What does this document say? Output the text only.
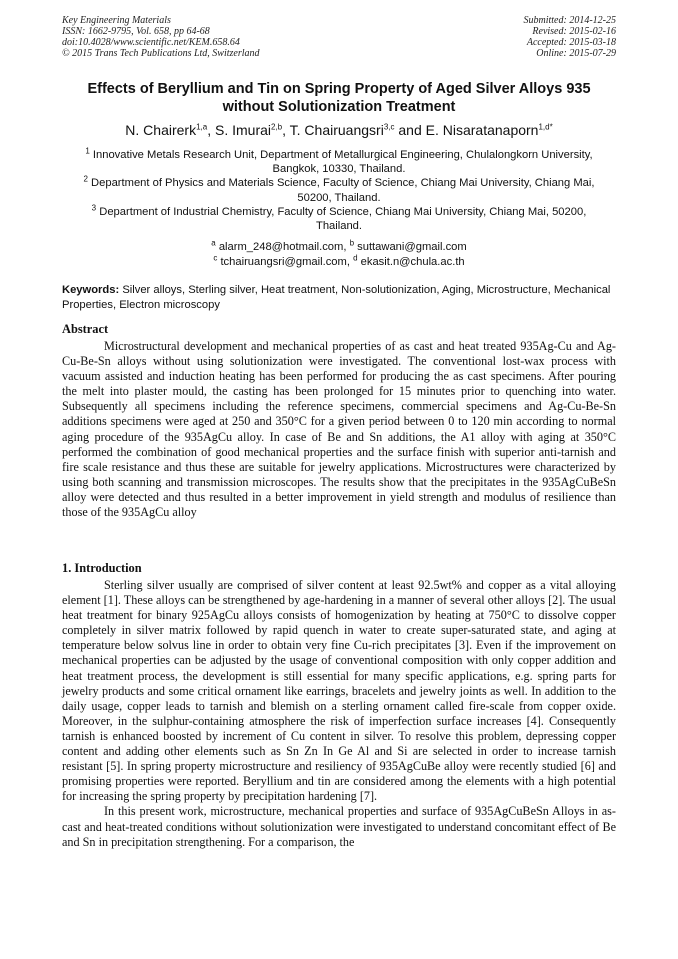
Key Engineering Materials
ISSN: 1662-9795, Vol. 658, pp 64-68
doi:10.4028/www.scientific.net/KEM.658.64
© 2015 Trans Tech Publications Ltd, Switzerland
Submitted: 2014-12-25
Revised: 2015-02-16
Accepted: 2015-03-18
Online: 2015-07-29
Effects of Beryllium and Tin on Spring Property of Aged Silver Alloys 935 without Solutionization Treatment
N. Chairerk$^{1,a}$, S. Imurai$^{2,b}$, T. Chairuangsri$^{3,c}$ and E. Nisaratanaporn$^{1,d*}$
$^1$ Innovative Metals Research Unit, Department of Metallurgical Engineering, Chulalongkorn University, Bangkok, 10330, Thailand.
$^2$ Department of Physics and Materials Science, Faculty of Science, Chiang Mai University, Chiang Mai, 50200, Thailand.
$^3$ Department of Industrial Chemistry, Faculty of Science, Chiang Mai University, Chiang Mai, 50200, Thailand.
$^a$ alarm_248@hotmail.com, $^b$ suttawani@gmail.com
$^c$ tchairuangsri@gmail.com, $^d$ ekasit.n@chula.ac.th
Keywords: Silver alloys, Sterling silver, Heat treatment, Non-solutionization, Aging, Microstructure, Mechanical Properties, Electron microscopy
Abstract

Microstructural development and mechanical properties of as cast and heat treated 935Ag-Cu and Ag-Cu-Be-Sn alloys without using solutionization were investigated. The conventional lost-wax process with vacuum assisted and induction heating has been performed for producing the as cast specimens. After pouring the melt into plaster mould, the casting has been prolonged for 15 minutes prior to quenching into water. Subsequently all specimens including the reference specimens, commercial specimens and Ag-Cu-Be-Sn additions specimens were aged at 250 and 350°C for a given period between 0 to 120 min according to normal aging procedure of the 935AgCu alloy. In case of Be and Sn additions, the A1 alloy with aging at 350°C performed the combination of good mechanical properties and the surface finish with superior anti-tarnish and fire scale resistance and thus these are suitable for jewelry applications. Microstructures were characterized by using both scanning and transmission microscopes. The results show that the precipitates in the 935AgCuBeSn alloy were detected and thus resulted in a better improvement in yield strength and modulus of resilience than those of the 935AgCu alloy

1. Introduction

Sterling silver usually are comprised of silver content at least 92.5wt% and copper as a vital alloying element [1]. These alloys can be strengthened by age-hardening in a manner of several other alloys [2]. The usual heat treatment for binary 925AgCu alloys consists of homogenization by heating at 750°C to dissolve copper completely in silver matrix followed by rapid quench in water to create super-saturated state, and aging at temperature below solvus line in order to obtain very fine Cu-rich precipitates [3]. Even if the improvement on mechanical properties can be adjusted by the usage of conventional composition with only copper addition and heat treatment process, the development is still essential for many specific applications, e.g. spring parts for jewelry products and some critical ornament like earrings, bracelets and jewelry joints as well. In addition to the daily usage, copper leads to tarnish and blemish on a sterling ornament called fire-scale from copper oxide. Moreover, in the sulphur-containing atmosphere the risk of imperfection surface increases [4]. Consequently tarnish is enhanced boosted by increment of Cu content in silver. To resolve this problem, depressing copper content and adding other elements such as Sn Zn In Ge Al and Si are selected in order to increase tarnish resistant [5]. In spring property microstructure and resiliency of 935AgCuBe alloy were recently studied [6] and promising properties were reported. Beryllium and tin are considered among the elements with a high potential for increasing the spring property by precipitation hardening [7].

In this present work, microstructure, mechanical properties and surface of 935AgCuBeSn Alloys in as-cast and heat-treated conditions without solutionization were investigated to understand concomitant effect of Be and Sn in precipitation strengthening. For a comparison, the
